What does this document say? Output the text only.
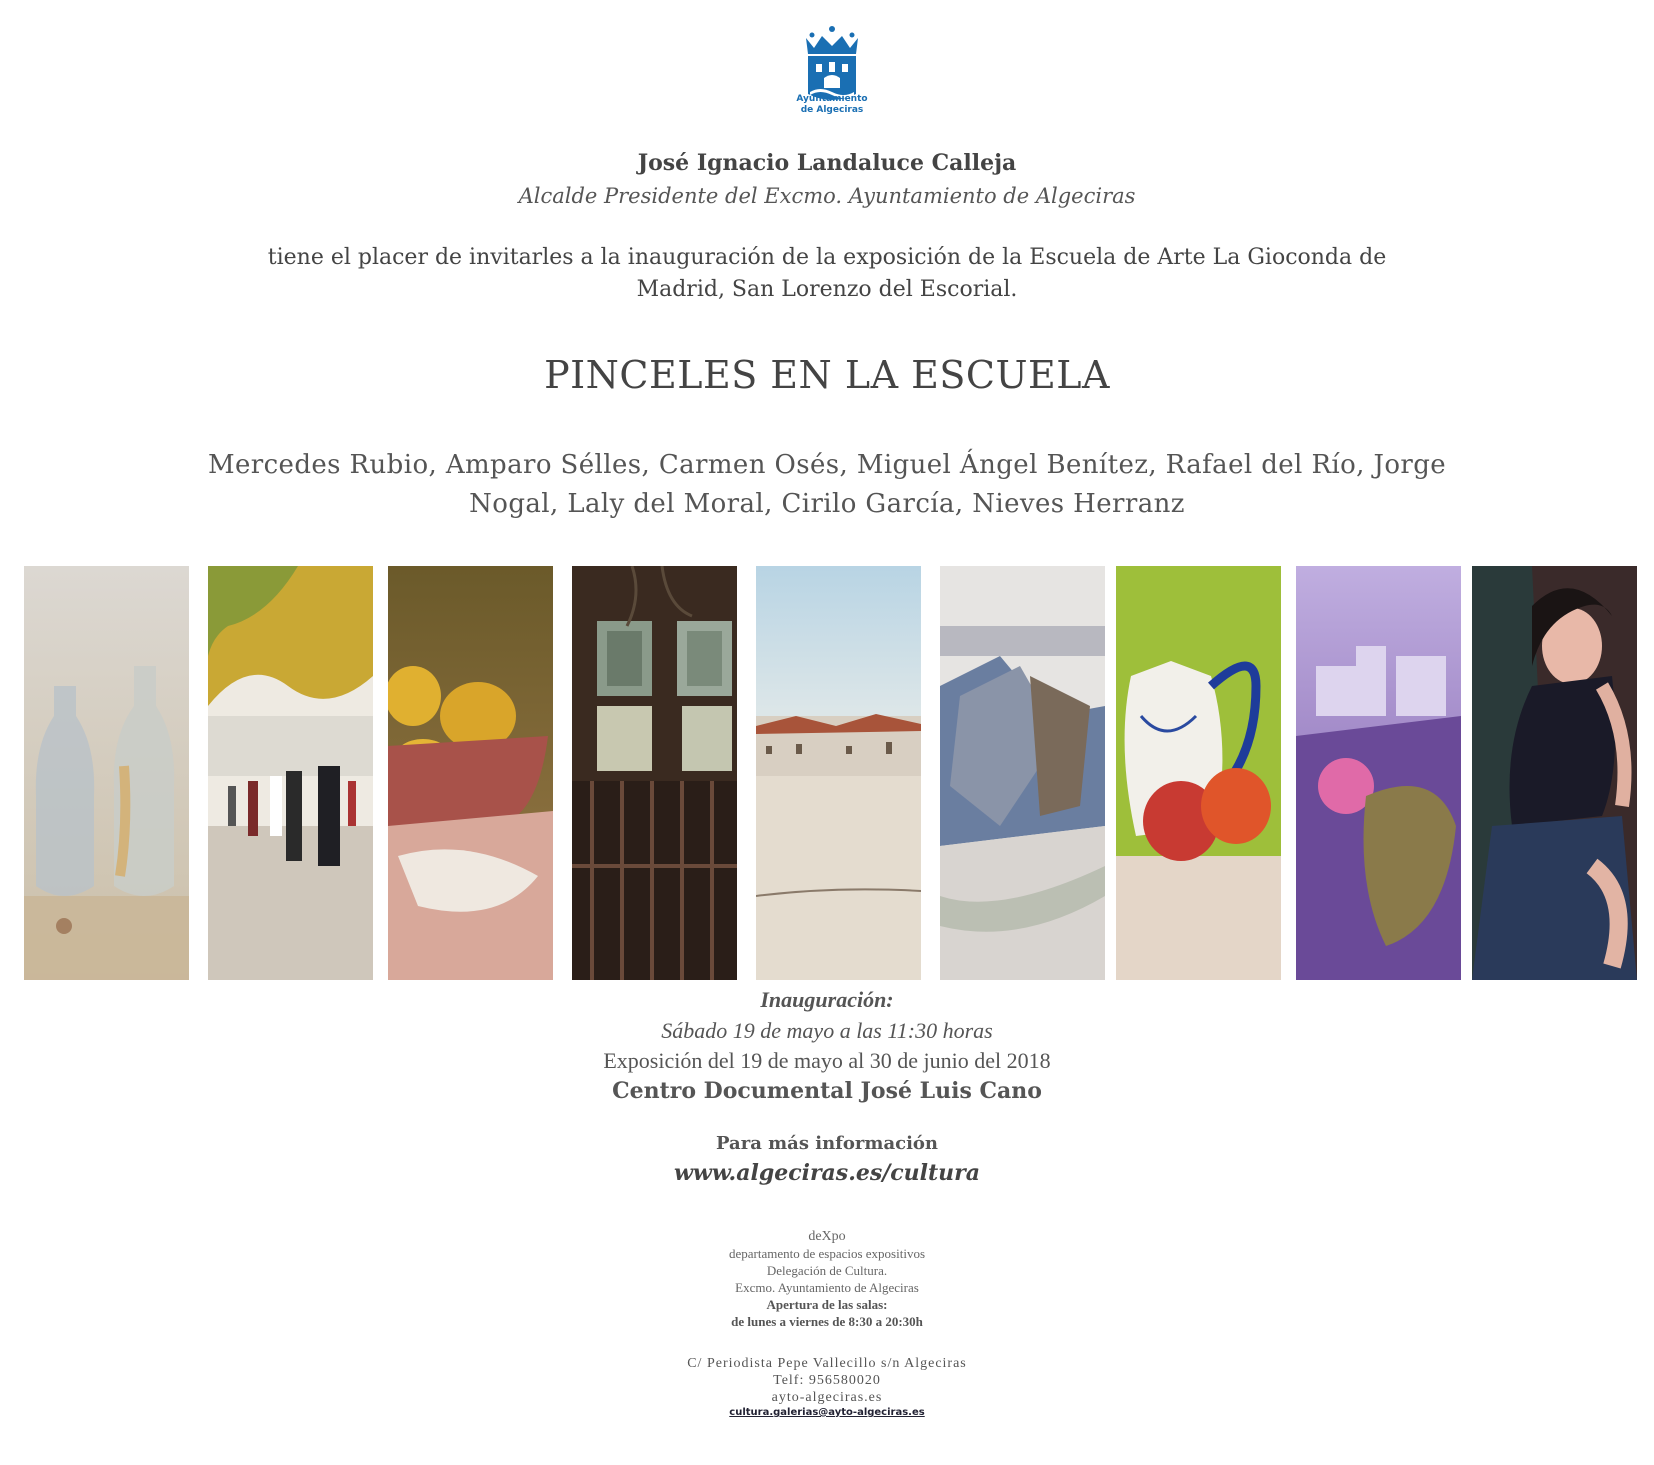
Ayuntamiento
de Algeciras
José Ignacio Landaluce Calleja
Alcalde Presidente del Excmo. Ayuntamiento de Algeciras
tiene el placer de invitarles a la inauguración de la exposición de la Escuela de Arte La Gioconda de
Madrid, San Lorenzo del Escorial.
PINCELES EN LA ESCUELA
Mercedes Rubio, Amparo Sélles, Carmen Osés, Miguel Ángel Benítez, Rafael del Río, Jorge
Nogal, Laly del Moral, Cirilo García, Nieves Herranz
Inauguración:
Sábado 19 de mayo a las 11:30 horas
Exposición del 19 de mayo al 30 de junio del 2018
Centro Documental José Luis Cano
Para más información
www.algeciras.es/cultura
deXpo
departamento de espacios expositivos
Delegación de Cultura.
Excmo. Ayuntamiento de Algeciras
Apertura de las salas:
de lunes a viernes de 8:30 a 20:30h
C/ Periodista Pepe Vallecillo s/n Algeciras
Telf: 956580020
ayto-algeciras.es
cultura.galerias@ayto-algeciras.es
